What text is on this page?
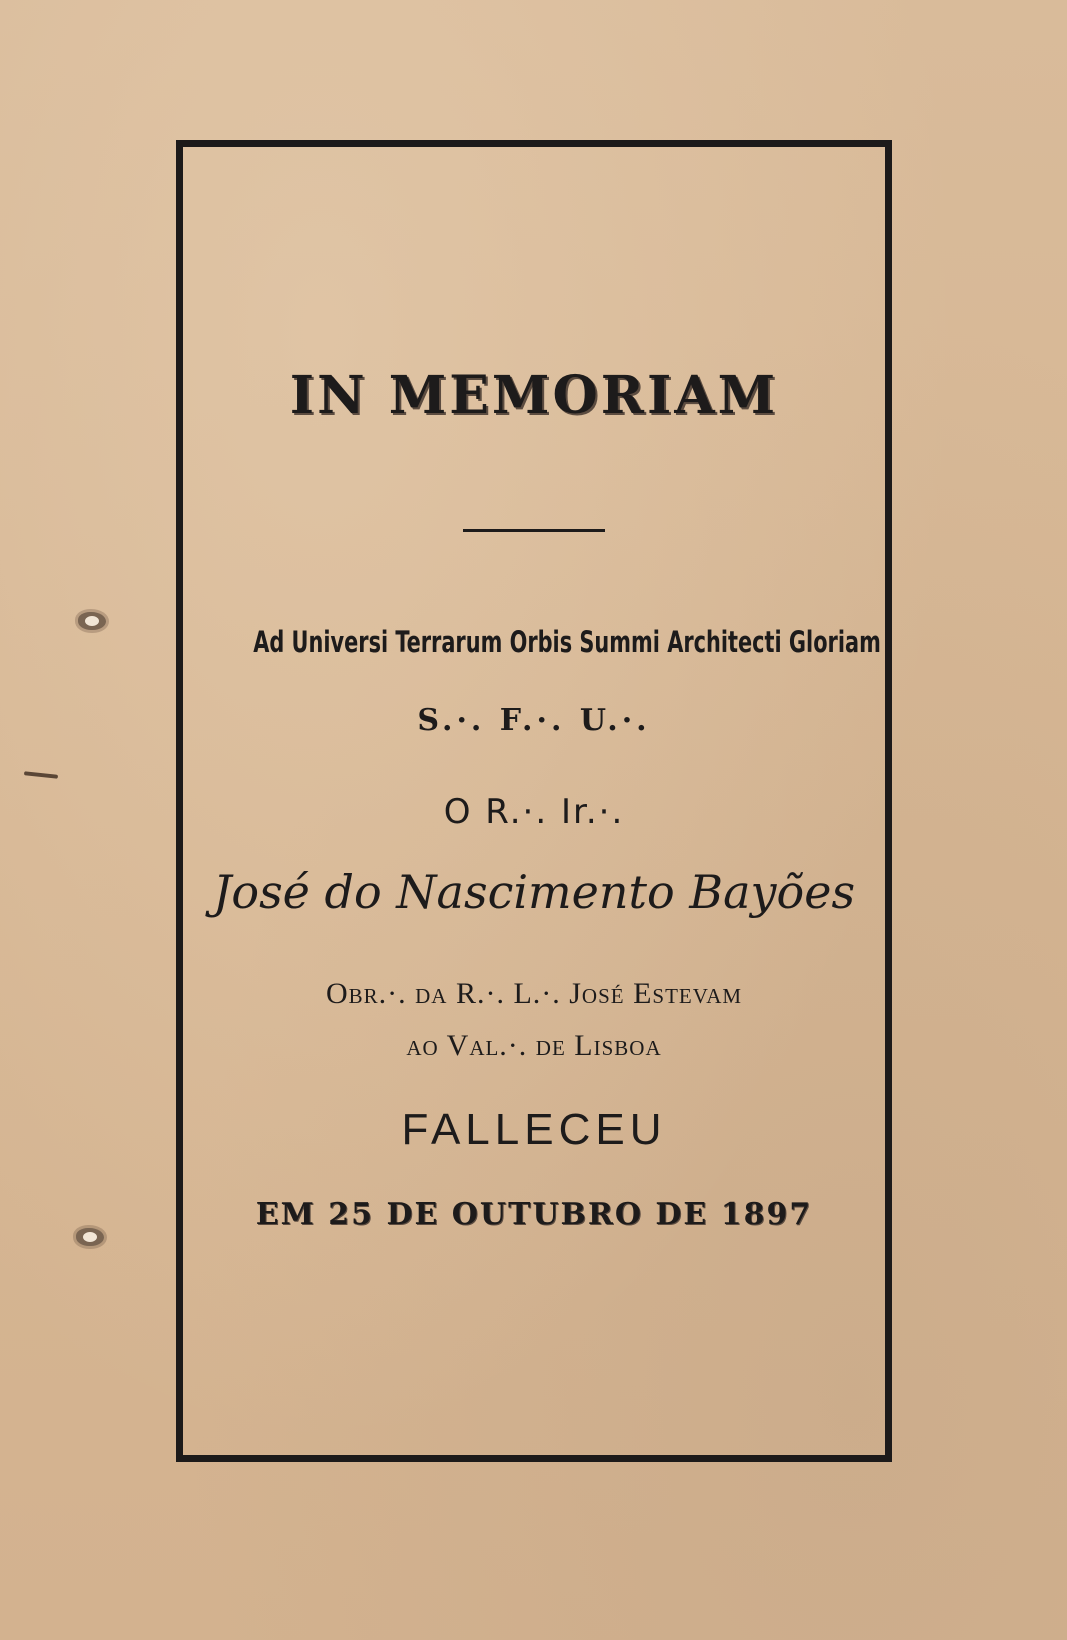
IN MEMORIAM
Ad Universi Terrarum Orbis Summi Architecti Gloriam
S.·. F.·. U.·.
O R.·. Ir.·.
José do Nascimento Bayões
Obr.·. da R.·. L.·. José Estevam
ao Val.·. de Lisboa
FALLECEU
EM 25 DE OUTUBRO DE 1897
